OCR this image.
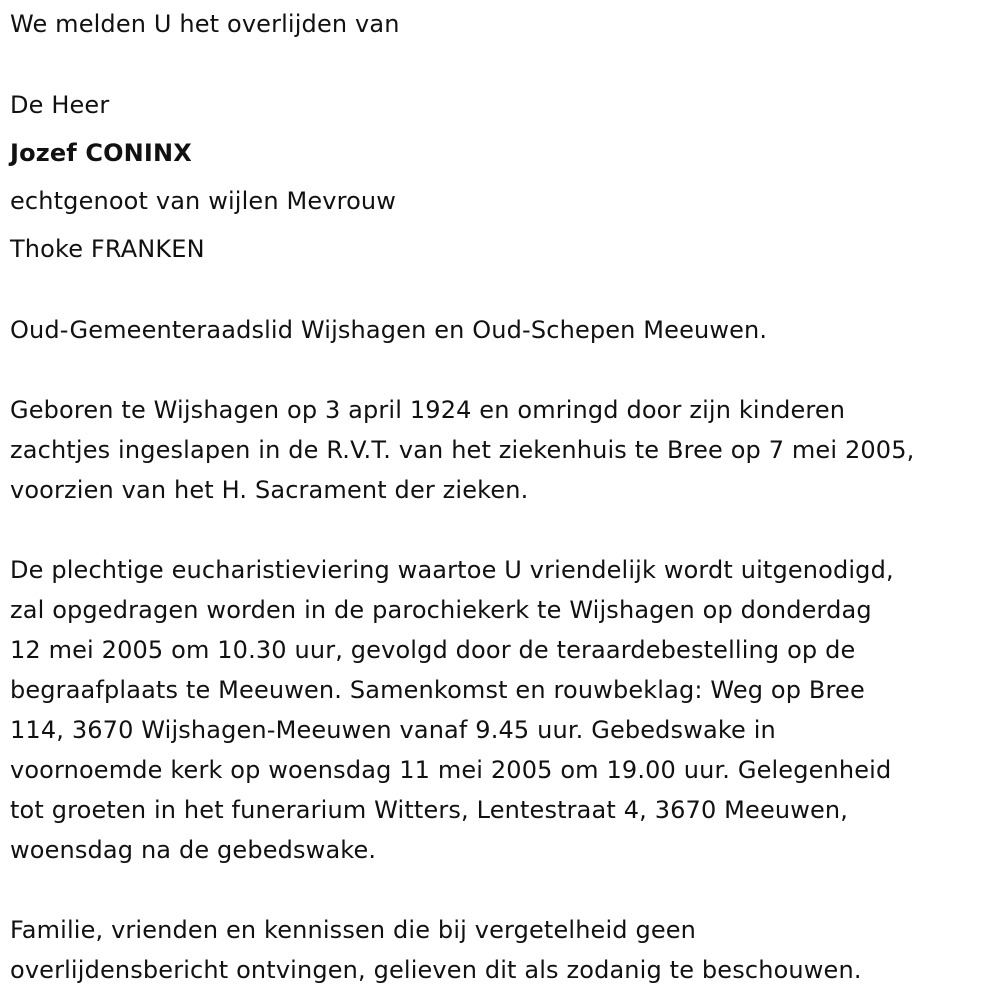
We melden U het overlijden van
De Heer
Jozef CONINX
echtgenoot van wijlen Mevrouw
Thoke FRANKEN
Oud-Gemeenteraadslid Wijshagen en Oud-Schepen Meeuwen.
Geboren te Wijshagen op 3 april 1924 en omringd door zijn kinderen
zachtjes ingeslapen in de R.V.T. van het ziekenhuis te Bree op 7 mei 2005,
voorzien van het H. Sacrament der zieken.
De plechtige eucharistieviering waartoe U vriendelijk wordt uitgenodigd,
zal opgedragen worden in de parochiekerk te Wijshagen op donderdag
12 mei 2005 om 10.30 uur, gevolgd door de teraardebestelling op de
begraafplaats te Meeuwen. Samenkomst en rouwbeklag: Weg op Bree
114, 3670 Wijshagen-Meeuwen vanaf 9.45 uur. Gebedswake in
voornoemde kerk op woensdag 11 mei 2005 om 19.00 uur. Gelegenheid
tot groeten in het funerarium Witters, Lentestraat 4, 3670 Meeuwen,
woensdag na de gebedswake.
Familie, vrienden en kennissen die bij vergetelheid geen
overlijdensbericht ontvingen, gelieven dit als zodanig te beschouwen.
